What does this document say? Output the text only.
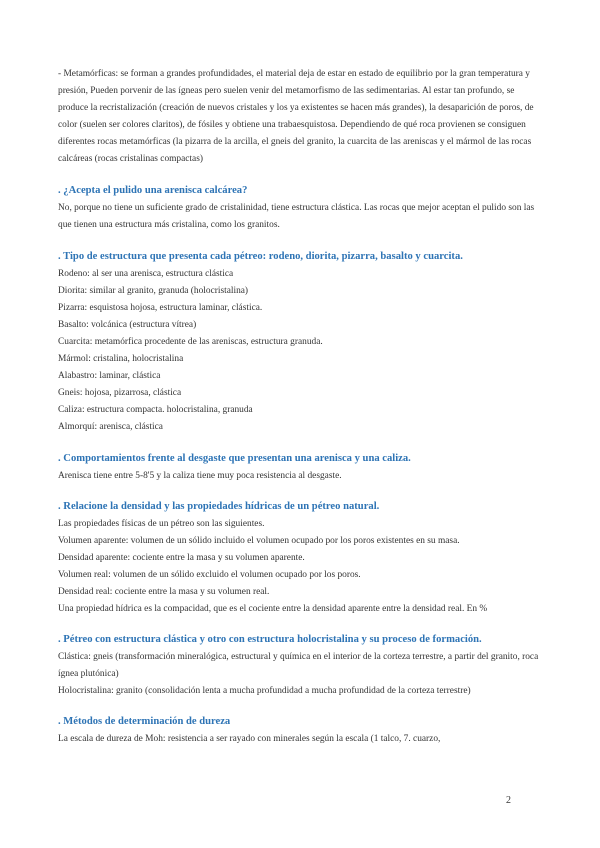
- Metamórficas: se forman a grandes profundidades, el material deja de estar en estado de equilibrio por la gran temperatura y presión, Pueden porvenir de las ígneas pero suelen venir del metamorfismo de las sedimentarias. Al estar tan profundo, se produce la recristalización (creación de nuevos cristales y los ya existentes se hacen más grandes), la desaparición de poros, de color (suelen ser colores claritos), de fósiles y obtiene una trabaesquistosa. Dependiendo de qué roca provienen se consiguen diferentes rocas metamórficas (la pizarra de la arcilla, el gneis del granito, la cuarcita de las areniscas y el mármol de las rocas calcáreas (rocas cristalinas compactas)

. ¿Acepta el pulido una arenisca calcárea?

No, porque no tiene un suficiente grado de cristalinidad, tiene estructura clástica. Las rocas que mejor aceptan el pulido son las que tienen una estructura más cristalina, como los granitos.

. Tipo de estructura que presenta cada pétreo: rodeno, diorita, pizarra, basalto y cuarcita.

Rodeno: al ser una arenisca, estructura clástica

Diorita: similar al granito, granuda (holocristalina)

Pizarra: esquistosa hojosa, estructura laminar, clástica.

Basalto: volcánica (estructura vítrea)

Cuarcita: metamórfica procedente de las areniscas, estructura granuda.

Mármol: cristalina, holocristalina

Alabastro: laminar, clástica

Gneis: hojosa, pizarrosa, clástica

Caliza: estructura compacta. holocristalina, granuda

Almorquí: arenisca, clástica

. Comportamientos frente al desgaste que presentan una arenisca y una caliza.

Arenisca tiene entre 5-8'5 y la caliza tiene muy poca resistencia al desgaste.

. Relacione la densidad y las propiedades hídricas de un pétreo natural.

Las propiedades físicas de un pétreo son las siguientes.

Volumen aparente: volumen de un sólido incluido el volumen ocupado por los poros existentes en su masa.

Densidad aparente: cociente entre la masa y su volumen aparente.

Volumen real: volumen de un sólido excluido el volumen ocupado por los poros.

Densidad real: cociente entre la masa y su volumen real.

Una propiedad hídrica es la compacidad, que es el cociente entre la densidad aparente entre la densidad real. En %

. Pétreo con estructura clástica y otro con estructura holocristalina y su proceso de formación.

Clástica: gneis (transformación mineralógica, estructural y química en el interior de la corteza terrestre, a partir del granito, roca ígnea plutónica)

Holocristalina: granito (consolidación lenta a mucha profundidad a mucha profundidad de la corteza terrestre)

. Métodos de determinación de dureza

La escala de dureza de Moh: resistencia a ser rayado con minerales según la escala (1 talco, 7. cuarzo,

2
